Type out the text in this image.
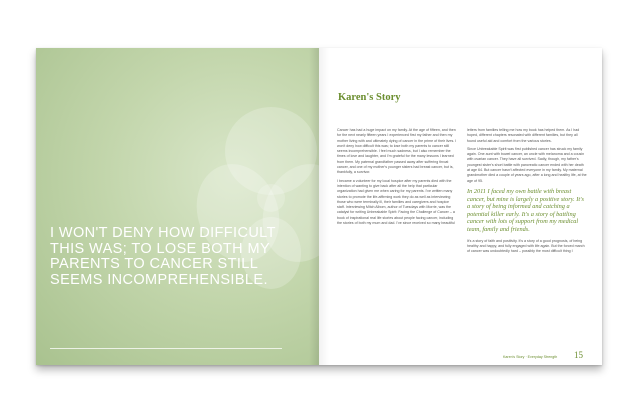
I WON'T DENY HOW DIFFICULT THIS WAS; TO LOSE BOTH MY PARENTS TO CANCER STILL SEEMS INCOMPREHENSIBLE.

Karen's Story

Cancer has had a huge impact on my family. At the age of fifteen, and then for the next nearly fifteen years I experienced first my father and then my mother living with and ultimately dying of cancer in the prime of their lives. I won't deny how difficult this was; to lose both my parents to cancer still seems incomprehensible. I feel much sadness, but I also remember the times of love and laughter, and I'm grateful for the many lessons I learned from them. My paternal grandfather passed away after suffering throat cancer, and one of my mother's younger sisters had breast cancer, but is, thankfully, a survivor.

I became a volunteer for my local hospice after my parents died with the intention of wanting to give back after all the help that particular organization had given me when caring for my parents. I've written many stories to promote the life-affirming work they do as well as interviewing those who were terminally ill, their families and caregivers and hospice staff. Interviewing Mitch Albom, author of Tuesdays with Morrie, was the catalyst for writing Unbreakable Spirit: Facing the Challenge of Cancer – a book of inspirational real life stories about people facing cancer, including the stories of both my mum and dad. I've since received so many beautiful

letters from families telling me how my book has helped them. As I had hoped, different chapters resonated with different families, but they all found useful aid and comfort from the various stories.

Since Unbreakable Spirit was first published cancer has struck my family again. One aunt with bowel cancer, an uncle with melanoma and a cousin with ovarian cancer. They have all survived. Sadly, though, my father's youngest sister's short battle with pancreatic cancer ended with her death at age 64. But cancer hasn't affected everyone in my family. My maternal grandmother died a couple of years ago, after a long and healthy life, at the age of 95.

In 2011 I faced my own battle with breast cancer, but mine is largely a positive story. It's a story of being informed and catching a potential killer early. It's a story of battling cancer with lots of support from my medical team, family and friends.

It's a story of faith and positivity. It's a story of a good prognosis, of being healthy and happy, and fully engaged with life again. But the forced march of cancer was undoubtedly hard – possibly the most difficult thing I

Karen's Story · Everyday Strength 15
